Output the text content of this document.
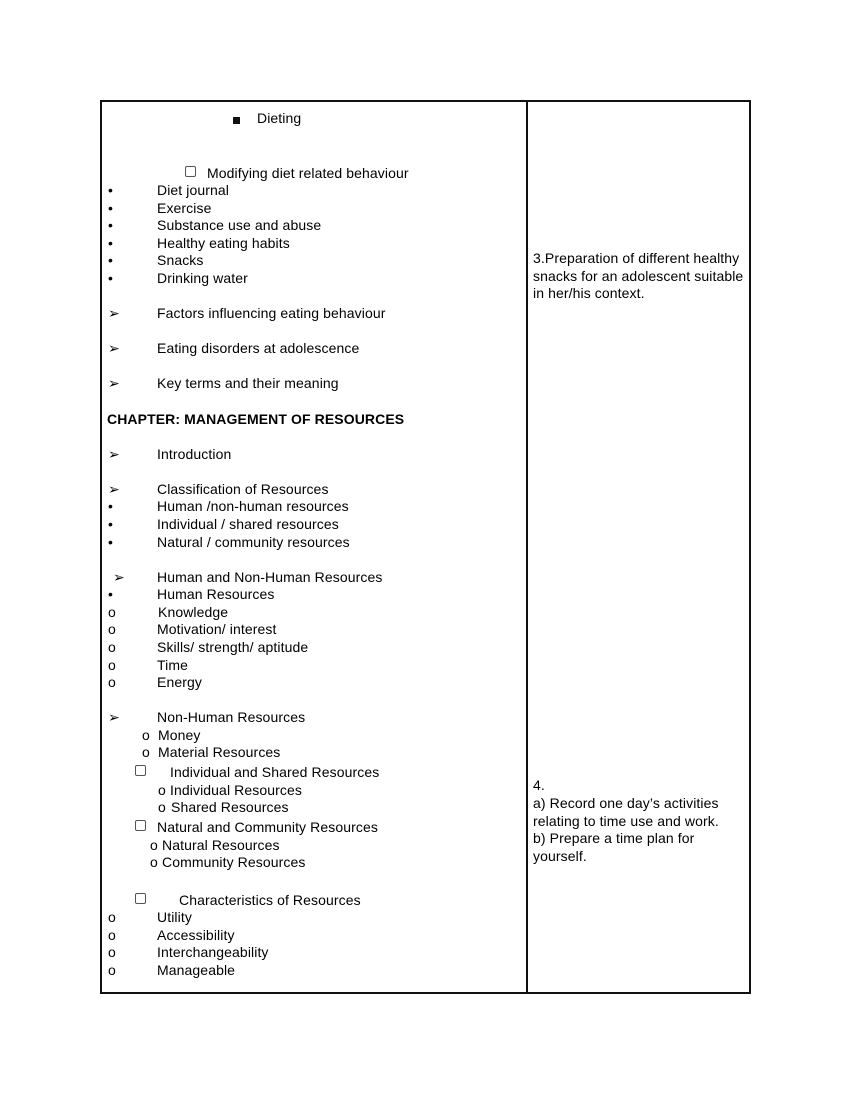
Dieting
Modifying diet related behaviour
•	Diet journal
•	Exercise
•	Substance use and abuse
•	Healthy eating habits
•	Snacks
•	Drinking water
➢	Factors influencing eating behaviour
➢	Eating disorders at adolescence
➢	Key terms and their meaning
CHAPTER: MANAGEMENT OF RESOURCES
➢	Introduction
➢	Classification of Resources
•	Human /non-human resources
•	Individual / shared resources
•	Natural / community resources
➢ Human and Non-Human Resources
•	Human Resources
o	Knowledge
o	Motivation/ interest
o	Skills/ strength/ aptitude
o	Time
o	Energy
➢	Non-Human Resources
o Money
o Material Resources
Individual and Shared Resources
o Individual Resources
o Shared Resources
Natural and Community Resources
o Natural Resources
o Community Resources
Characteristics of Resources
o	Utility
o	Accessibility
o	Interchangeability
o	Manageable
3.Preparation of different healthy snacks for an adolescent suitable in her/his context.
4.
a) Record one day’s activities relating to time use and work.
b) Prepare a time plan for yourself.
